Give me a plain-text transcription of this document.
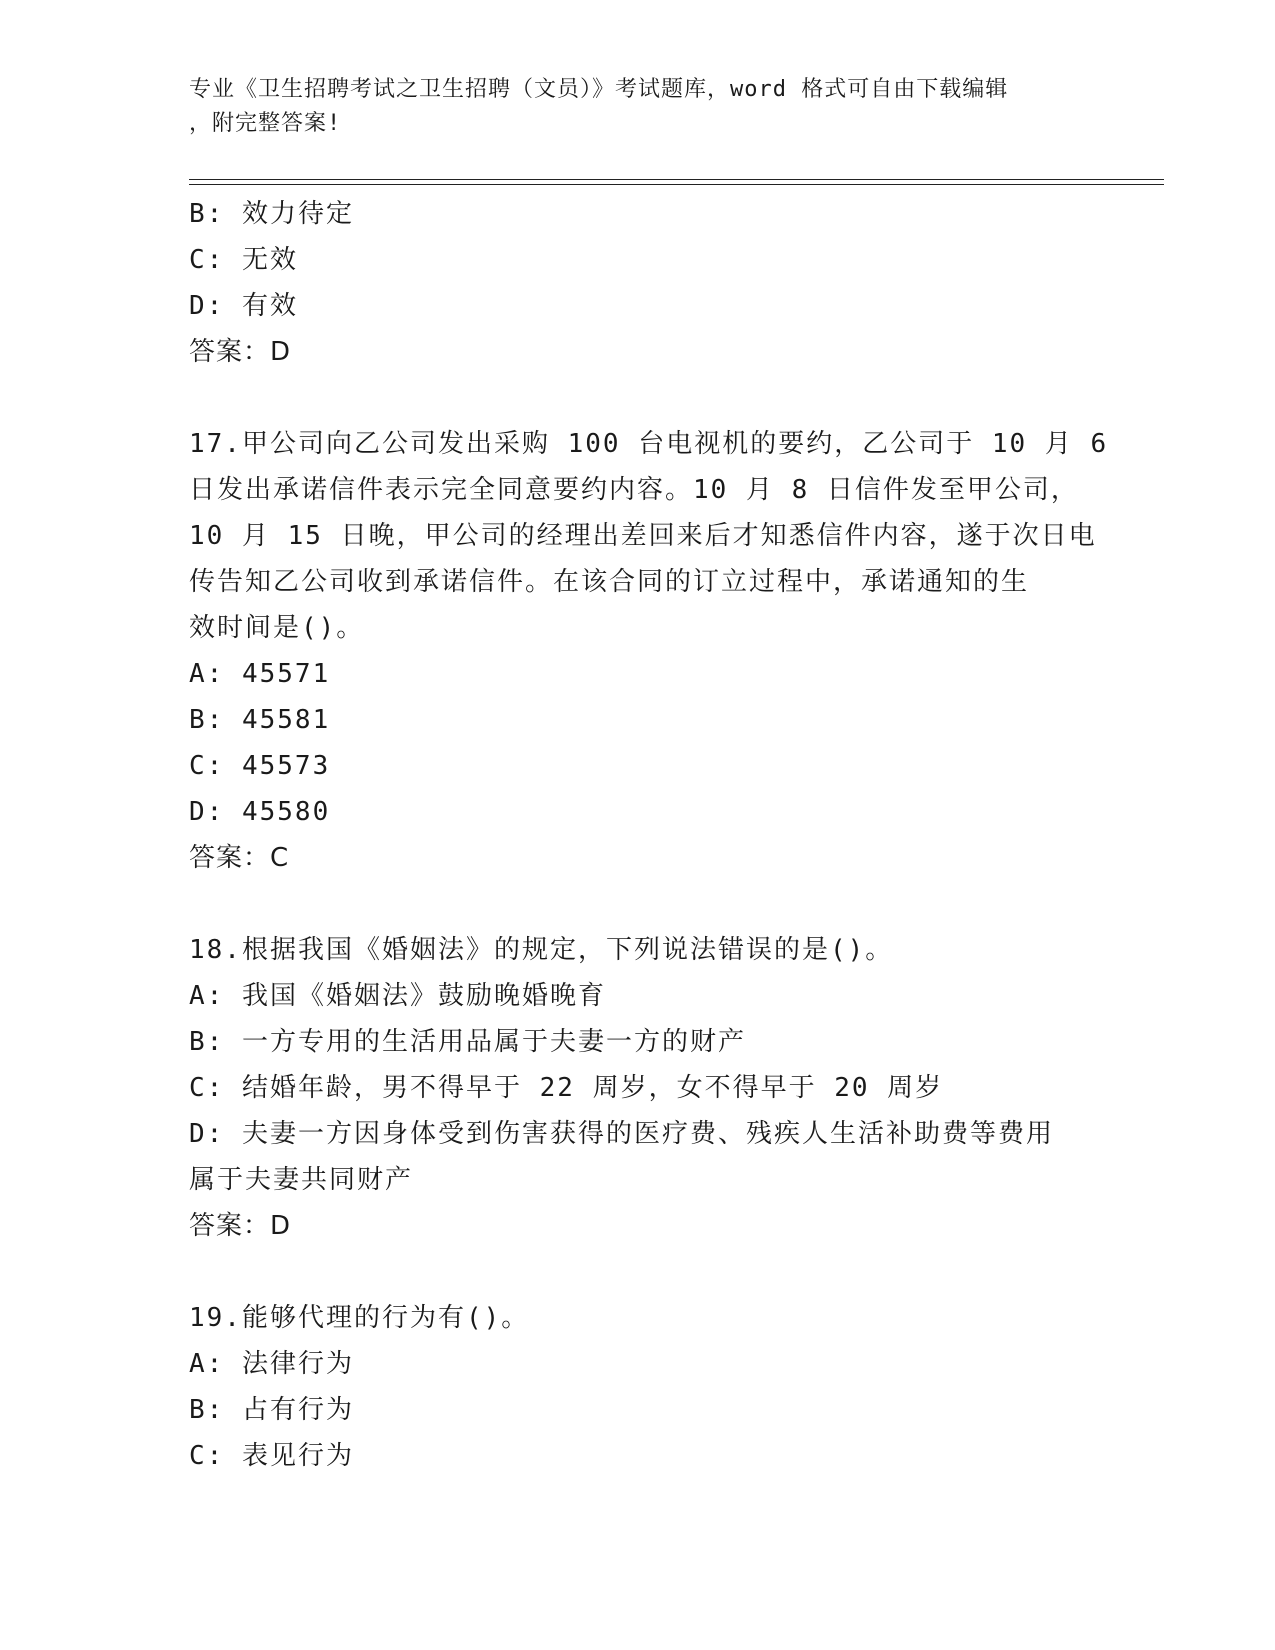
专业《卫生招聘考试之卫生招聘（文员）》考试题库，word 格式可自由下载编辑
，附完整答案!
B: 效力待定
C: 无效
D: 有效
答案：D
17.甲公司向乙公司发出采购 100 台电视机的要约，乙公司于 10 月 6
日发出承诺信件表示完全同意要约内容。10 月 8 日信件发至甲公司，
10 月 15 日晚，甲公司的经理出差回来后才知悉信件内容，遂于次日电
传告知乙公司收到承诺信件。在该合同的订立过程中，承诺通知的生
效时间是()。
A: 45571
B: 45581
C: 45573
D: 45580
答案：C
18.根据我国《婚姻法》的规定，下列说法错误的是()。
A: 我国《婚姻法》鼓励晚婚晚育
B: 一方专用的生活用品属于夫妻一方的财产
C: 结婚年龄，男不得早于 22 周岁，女不得早于 20 周岁
D: 夫妻一方因身体受到伤害获得的医疗费、残疾人生活补助费等费用
属于夫妻共同财产
答案：D
19.能够代理的行为有()。
A: 法律行为
B: 占有行为
C: 表见行为
